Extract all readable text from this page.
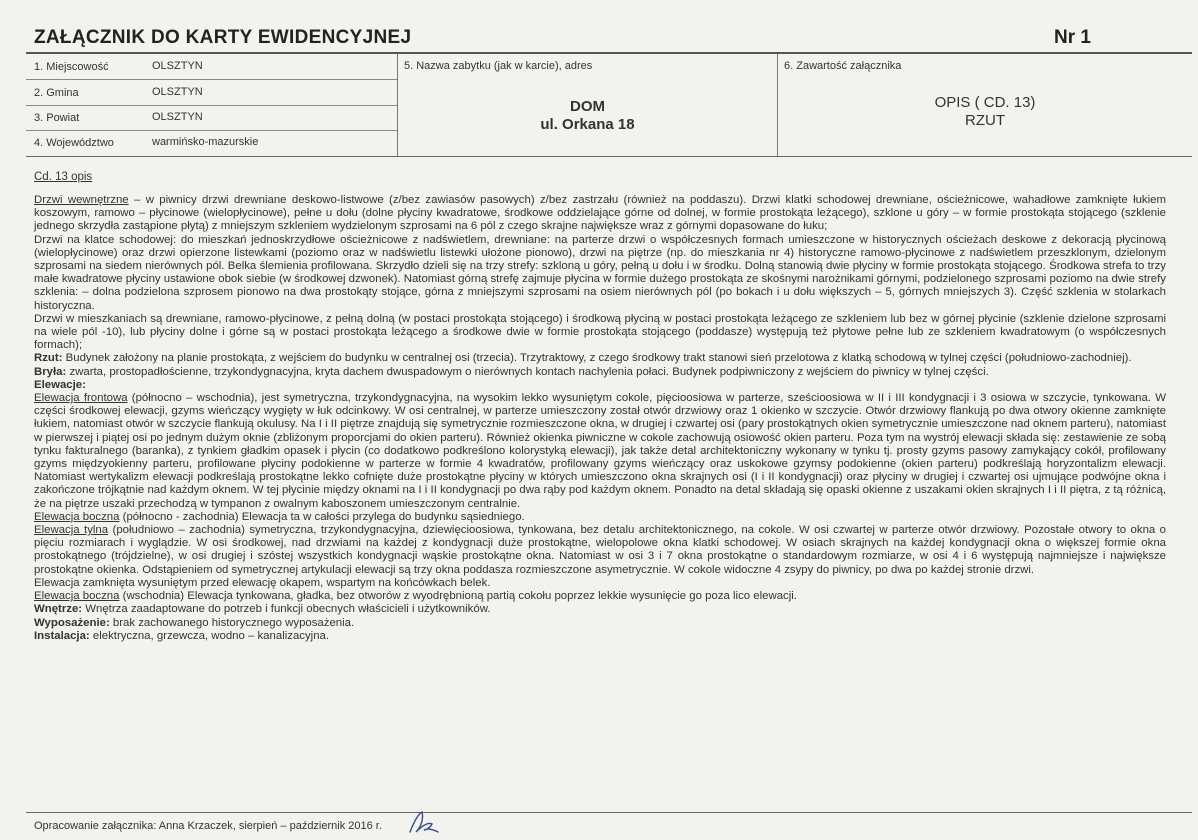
ZAŁĄCZNIK DO KARTY EWIDENCYJNEJ	Nr 1
1. Miejscowość	OLSZTYN
2. Gmina	OLSZTYN
3. Powiat	OLSZTYN
4. Województwo	warmińsko-mazurskie
5. Nazwa zabytku (jak w karcie), adres
DOM
ul. Orkana 18
6. Zawartość załącznika
OPIS ( CD. 13)
RZUT
Cd. 13 opis

Drzwi wewnętrzne – w piwnicy drzwi drewniane deskowo-listwowe (z/bez zawiasów pasowych) z/bez zastrzału (również na poddaszu). Drzwi klatki schodowej drewniane, ościeżnicowe, wahadłowe zamknięte łukiem koszowym, ramowo – płycinowe (wielopłycinowe), pełne u dołu (dolne płyciny kwadratowe, środkowe oddzielające górne od dolnej, w formie prostokąta leżącego), szklone u góry – w formie prostokąta stojącego (szklenie jednego skrzydła zastąpione płytą) z mniejszym szkleniem wydzielonym szprosami na 6 pól z czego skrajne największe wraz z górnymi dopasowane do łuku;

Drzwi na klatce schodowej: do mieszkań jednoskrzydłowe ościeżnicowe z nadświetlem, drewniane: na parterze drzwi o współczesnych formach umieszczone w historycznych ościeżach deskowe z dekoracją płycinową (wielopłycinowe) oraz drzwi opierzone listewkami (poziomo oraz w nadświetlu listewki ułożone pionowo), drzwi na piętrze (np. do mieszkania nr 4) historyczne ramowo-płycinowe z nadświetlem przeszklonym, dzielonym szprosami na siedem nierównych pól. Belka ślemienia profilowana. Skrzydło dzieli się na trzy strefy: szkloną u góry, pełną u dołu i w środku. Dolną stanowią dwie płyciny w formie prostokąta stojącego. Środkowa strefa to trzy małe kwadratowe płyciny ustawione obok siebie (w środkowej dzwonek). Natomiast górną strefę zajmuje płycina w formie dużego prostokąta ze skośnymi narożnikami górnymi, podzielonego szprosami poziomo na dwie strefy szklenia: – dolna podzielona szprosem pionowo na dwa prostokąty stojące, górna z mniejszymi szprosami na osiem nierównych pól (po bokach i u dołu większych – 5, górnych mniejszych 3). Część szklenia w stolarkach historyczna.

Drzwi w mieszkaniach są drewniane, ramowo-płycinowe, z pełną dolną (w postaci prostokąta stojącego) i środkową płyciną w postaci prostokąta leżącego ze szkleniem lub bez w górnej płycinie (szklenie dzielone szprosami na wiele pól -10), lub płyciny dolne i górne są w postaci prostokąta leżącego a środkowe dwie w formie prostokąta stojącego (poddasze) występują też płytowe pełne lub ze szkleniem kwadratowym (o współczesnych formach);

Rzut: Budynek założony na planie prostokąta, z wejściem do budynku w centralnej osi (trzecia). Trzytraktowy, z czego środkowy trakt stanowi sień przelotowa z klatką schodową w tylnej części (południowo-zachodniej).

Bryła: zwarta, prostopadłościenne, trzykondygnacyjna, kryta dachem dwuspadowym o nierównych kontach nachylenia połaci. Budynek podpiwniczony z wejściem do piwnicy w tylnej części.

Elewacje:

Elewacja frontowa (północno – wschodnia), jest symetryczna, trzykondygnacyjna, na wysokim lekko wysuniętym cokole, pięcioosiowa w parterze, sześcioosiowa w II i III kondygnacji i 3 osiowa w szczycie, tynkowana. W części środkowej elewacji, gzyms wieńczący wygięty w łuk odcinkowy. W osi centralnej, w parterze umieszczony został otwór drzwiowy oraz 1 okienko w szczycie. Otwór drzwiowy flankują po dwa otwory okienne zamknięte łukiem, natomiast otwór w szczycie flankują okulusy. Na I i II piętrze znajdują się symetrycznie rozmieszczone okna, w drugiej i czwartej osi (pary prostokątnych okien symetrycznie umieszczone nad oknem parteru), natomiast w pierwszej i piątej osi po jednym dużym oknie (zbliżonym proporcjami do okien parteru). Również okienka piwniczne w cokole zachowują osiowość okien parteru. Poza tym na wystrój elewacji składa się: zestawienie ze sobą tynku fakturalnego (baranka), z tynkiem gładkim opasek i płycin (co dodatkowo podkreślono kolorystyką elewacji), jak także detal architektoniczny wykonany w tynku tj. prosty gzyms pasowy zamykający cokół, profilowany gzyms międzyokienny parteru, profilowane płyciny podokienne w parterze w formie 4 kwadratów, profilowany gzyms wieńczący oraz uskokowe gzymsy podokienne (okien parteru) podkreślają horyzontalizm elewacji. Natomiast wertykalizm elewacji podkreślają prostokątne lekko cofnięte duże prostokątne płyciny w których umieszczono okna skrajnych osi (I i II kondygnacji) oraz płyciny w drugiej i czwartej osi ujmujące podwójne okna i zakończone trójkątnie nad każdym oknem. W tej płycinie między oknami na I i II kondygnacji po dwa rąby pod każdym oknem. Ponadto na detal składają się opaski okienne z uszakami okien skrajnych I i II piętra, z tą różnicą, że na piętrze uszaki przechodzą w tympanon z owalnym kaboszonem umieszczonym centralnie.

Elewacja boczna (północno - zachodnia) Elewacja ta w całości przylega do budynku sąsiedniego.

Elewacja tylna (południowo – zachodnia) symetryczna, trzykondygnacyjna, dziewięcioosiowa, tynkowana, bez detalu architektonicznego, na cokole. W osi czwartej w parterze otwór drzwiowy. Pozostałe otwory to okna o pięciu rozmiarach i wyglądzie. W osi środkowej, nad drzwiami na każdej z kondygnacji duże prostokątne, wielopolowe okna klatki schodowej. W osiach skrajnych na każdej kondygnacji okna o większej formie okna prostokątnego (trójdzielne), w osi drugiej i szóstej wszystkich kondygnacji wąskie prostokątne okna. Natomiast w osi 3 i 7 okna prostokątne o standardowym rozmiarze, w osi 4 i 6 występują najmniejsze i największe prostokątne okienka. Odstąpieniem od symetrycznej artykulacji elewacji są trzy okna poddasza rozmieszczone asymetrycznie. W cokole widoczne 4 zsypy do piwnicy, po dwa po każdej stronie drzwi.

Elewacja zamknięta wysuniętym przed elewację okapem, wspartym na końcówkach belek.

Elewacja boczna (wschodnia) Elewacja tynkowana, gładka, bez otworów z wyodrębnioną partią cokołu poprzez lekkie wysunięcie go poza lico elewacji.

Wnętrze: Wnętrza zaadaptowane do potrzeb i funkcji obecnych właścicieli i użytkowników.

Wyposażenie: brak zachowanego historycznego wyposażenia.

Instalacja: elektryczna, grzewcza, wodno – kanalizacyjna.

Opracowanie załącznika: Anna Krzaczek, sierpień – październik 2016 r.
